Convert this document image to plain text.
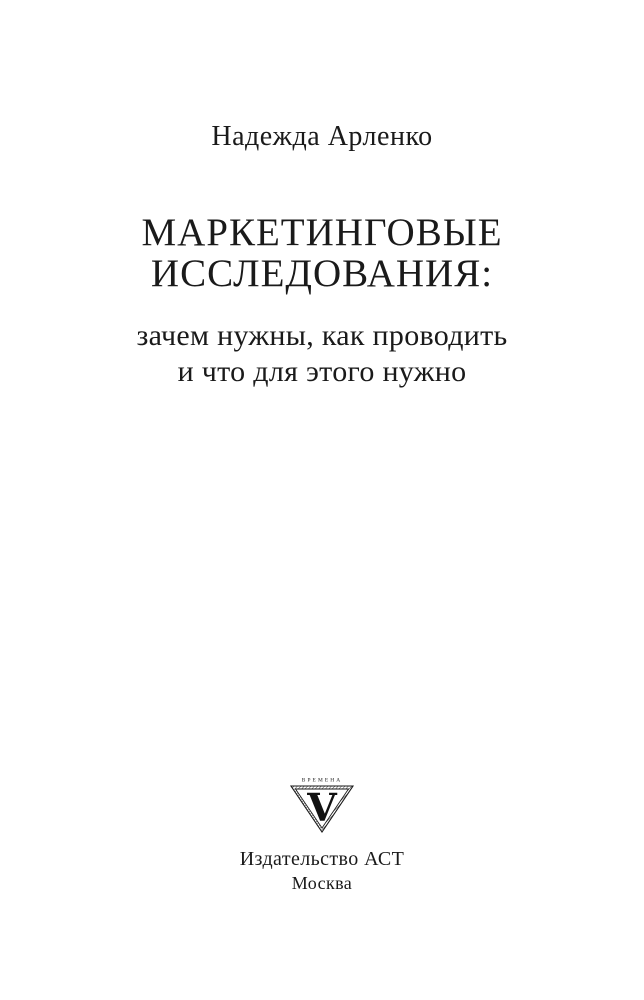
Надежда Арленко
МАРКЕТИНГОВЫЕ
ИССЛЕДОВАНИЯ:
зачем нужны, как проводить
и что для этого нужно
ВРЕМЕНА
V
Издательство АСТ
Москва
